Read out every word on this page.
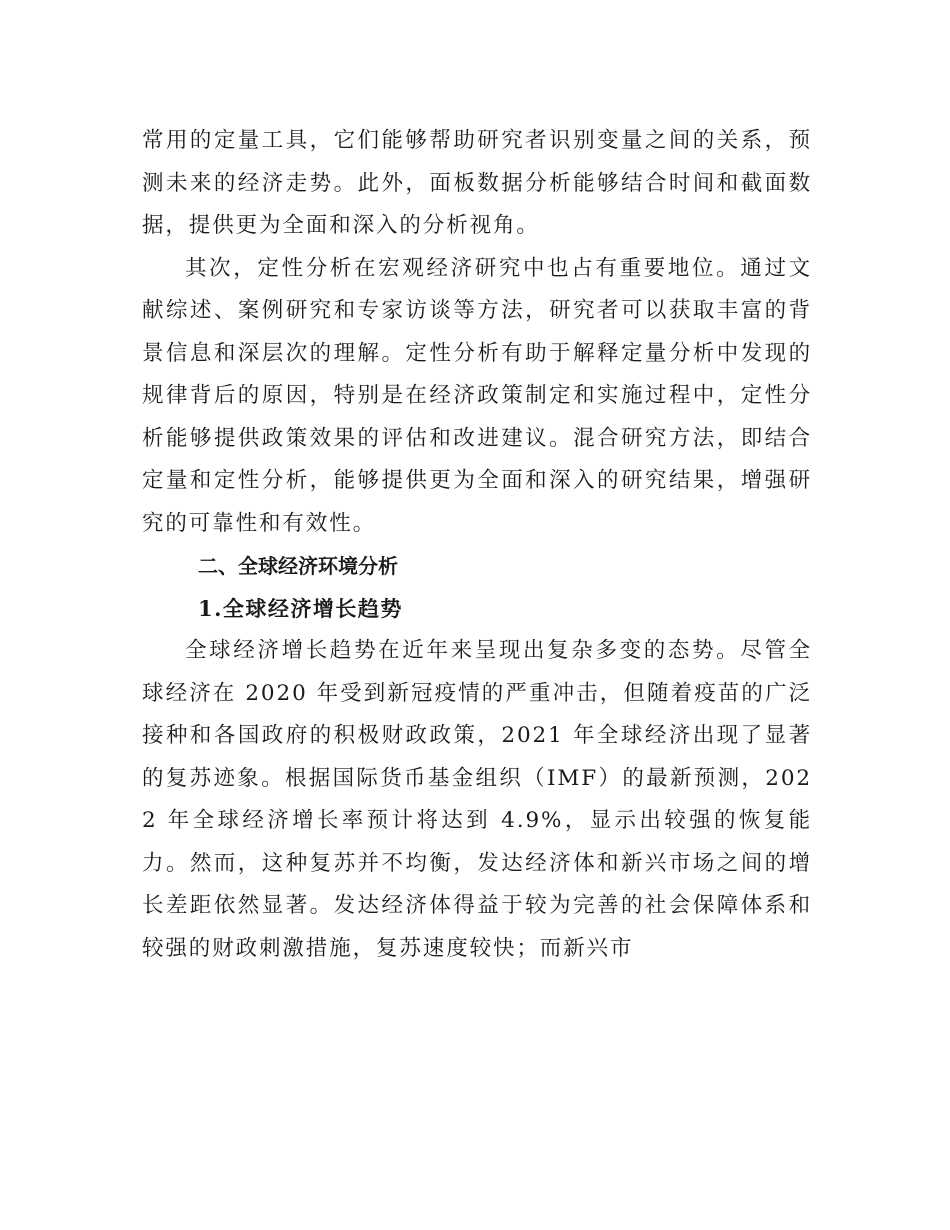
常用的定量工具，它们能够帮助研究者识别变量之间的关系，预测未来的经济走势。此外，面板数据分析能够结合时间和截面数据，提供更为全面和深入的分析视角。

其次，定性分析在宏观经济研究中也占有重要地位。通过文献综述、案例研究和专家访谈等方法，研究者可以获取丰富的背景信息和深层次的理解。定性分析有助于解释定量分析中发现的规律背后的原因，特别是在经济政策制定和实施过程中，定性分析能够提供政策效果的评估和改进建议。混合研究方法，即结合定量和定性分析，能够提供更为全面和深入的研究结果，增强研究的可靠性和有效性。

二、全球经济环境分析
1.全球经济增长趋势

全球经济增长趋势在近年来呈现出复杂多变的态势。尽管全球经济在 2020 年受到新冠疫情的严重冲击，但随着疫苗的广泛接种和各国政府的积极财政政策，2021 年全球经济出现了显著的复苏迹象。根据国际货币基金组织（IMF）的最新预测，2022 年全球经济增长率预计将达到 4.9%，显示出较强的恢复能力。然而，这种复苏并不均衡，发达经济体和新兴市场之间的增长差距依然显著。发达经济体得益于较为完善的社会保障体系和较强的财政刺激措施，复苏速度较快；而新兴市
